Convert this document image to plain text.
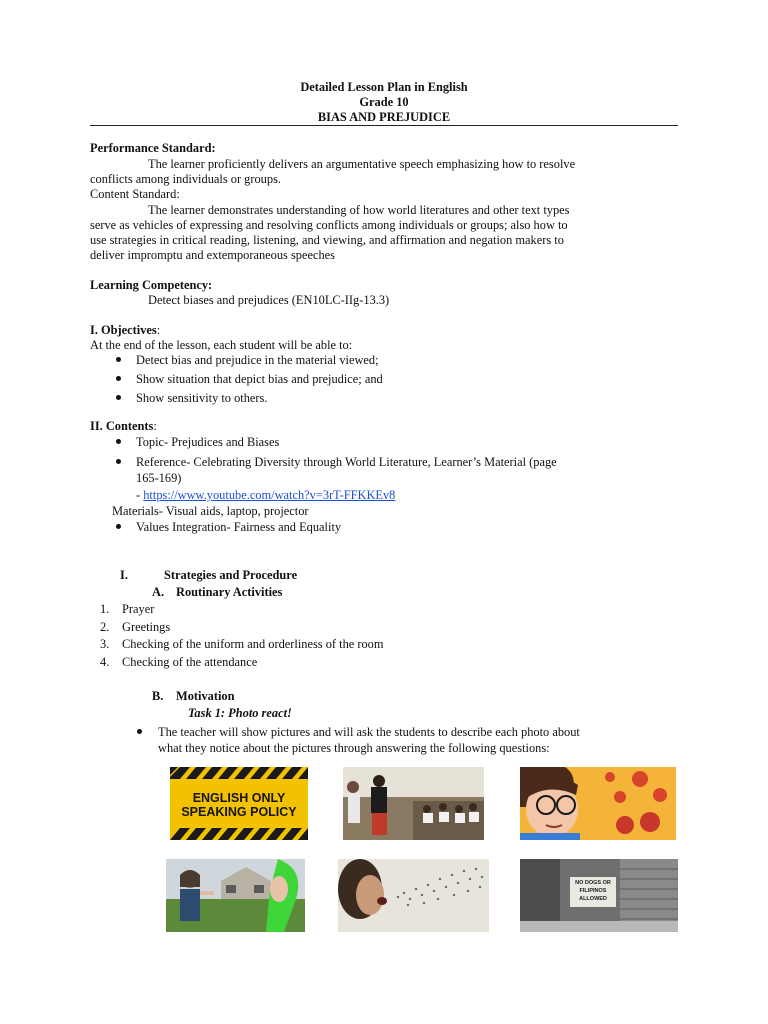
Detailed Lesson Plan in English
Grade 10
BIAS AND PREJUDICE
Performance Standard:
The learner proficiently delivers an argumentative speech emphasizing how to resolve
conflicts among individuals or groups.
Content Standard:
The learner demonstrates understanding of how world literatures and other text types
serve as vehicles of expressing and resolving conflicts among individuals or groups; also how to
use strategies in critical reading, listening, and viewing, and affirmation and negation makers to
deliver impromptu and extemporaneous speeches
Learning Competency:
Detect biases and prejudices (EN10LC-IIg-13.3)
I. Objectives:
At the end of the lesson, each student will be able to:
Detect bias and prejudice in the material viewed;
Show situation that depict bias and prejudice; and
Show sensitivity to others.
II. Contents:
Topic- Prejudices and Biases
Reference- Celebrating Diversity through World Literature, Learner’s Material (page
165-169)
- https://www.youtube.com/watch?v=3rT-FFKKEv8
Materials- Visual aids, laptop, projector
Values Integration- Fairness and Equality
I.	Strategies and Procedure
A. Routinary Activities
1. Prayer
2. Greetings
3. Checking of the uniform and orderliness of the room
4. Checking of the attendance
B. Motivation
Task 1: Photo react!
The teacher will show pictures and will ask the students to describe each photo about
what they notice about the pictures through answering the following questions:
ENGLISH ONLY
SPEAKING POLICY
NO DOGS OR
FILIPINOS
ALLOWED
